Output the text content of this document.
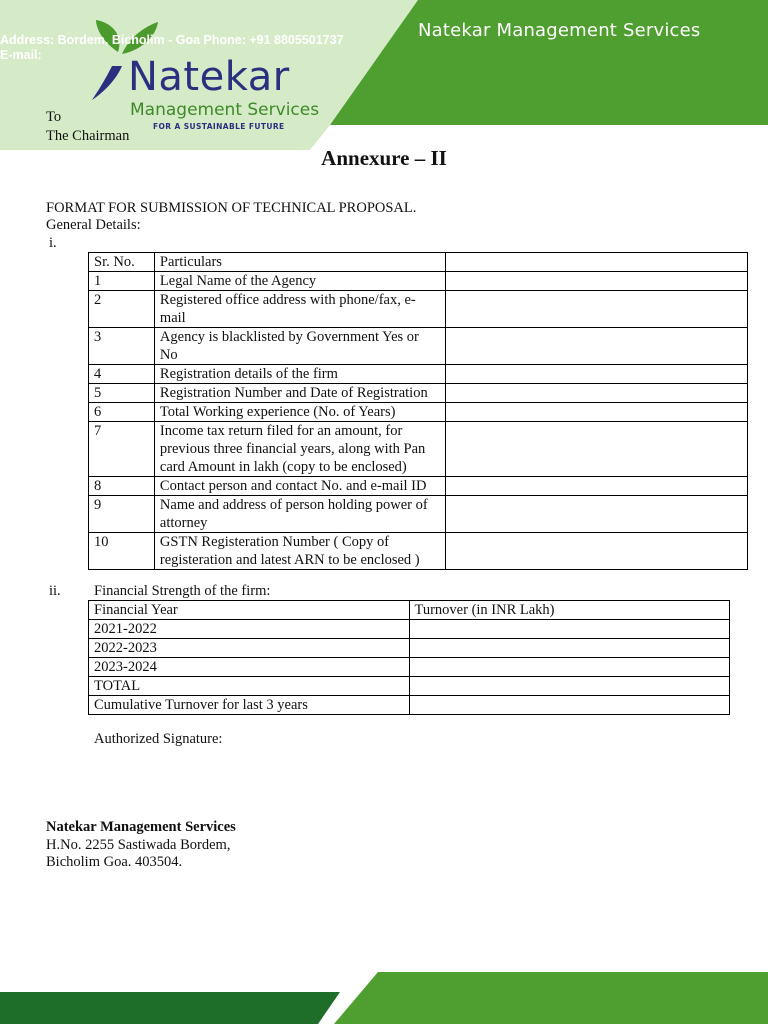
Natekar Management Services
Address: Bordem, Bicholim - Goa Phone: +91 8805501737
E-mail:	Natekar
Management Services
FOR A SUSTAINABLE FUTURE
To
The Chairman
Annexure – II
FORMAT FOR SUBMISSION OF TECHNICAL PROPOSAL.
General Details:
i.
Sr. No.	Particulars	
1	Legal Name of the Agency	
2	Registered office address with phone/fax, e-mail	
3	Agency is blacklisted by Government Yes or No	
4	Registration details of the firm	
5	Registration Number and Date of Registration	
6	Total Working experience (No. of Years)	
7	Income tax return filed for an amount, for previous three financial years, along with Pan card Amount in lakh (copy to be enclosed)	
8	Contact person and contact No. and e-mail ID	
9	Name and address of person holding power of attorney	
10	GSTN Registeration Number ( Copy of registeration and latest ARN to be enclosed )	
ii. Financial Strength of the firm:
Financial Year	Turnover (in INR Lakh)
2021-2022	
2022-2023	
2023-2024	
TOTAL	
Cumulative Turnover for last 3 years	
Authorized Signature:
Natekar Management Services
H.No. 2255 Sastiwada Bordem,
Bicholim Goa. 403504.
